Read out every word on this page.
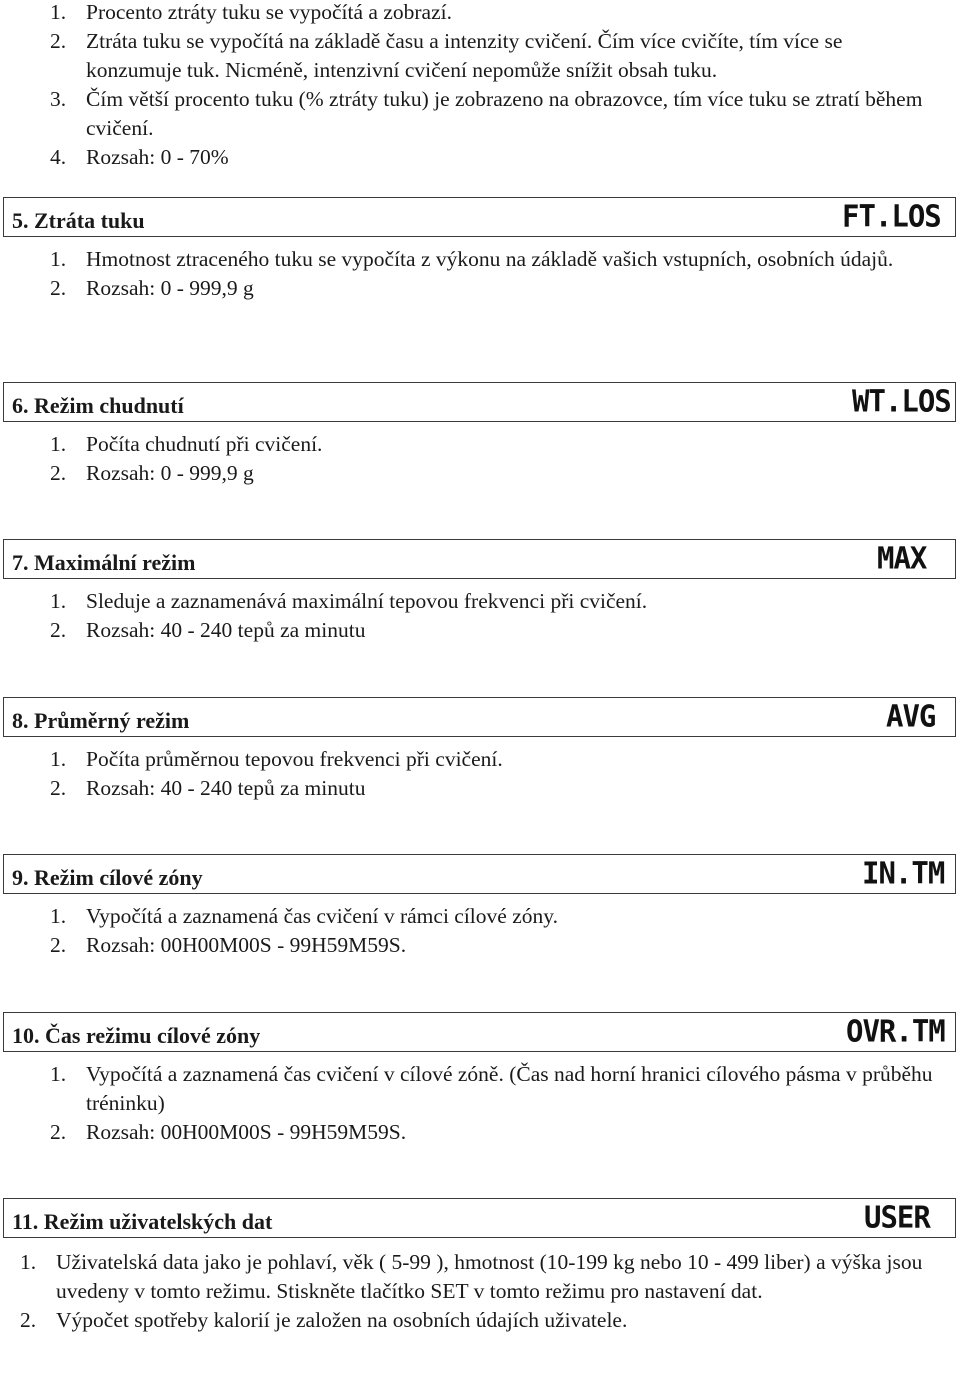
1. Procento ztráty tuku se vypočítá a zobrazí.
2. Ztráta tuku se vypočítá na základě času a intenzity cvičení. Čím více cvičíte, tím více se konzumuje tuk. Nicméně, intenzivní cvičení nepomůže snížit obsah tuku.
3. Čím větší procento tuku (% ztráty tuku) je zobrazeno na obrazovce, tím více tuku se ztratí během cvičení.
4. Rozsah: 0 - 70%
5. Ztráta tuku	FT.LOS
1. Hmotnost ztraceného tuku se vypočíta z výkonu na základě vašich vstupních, osobních údajů.
2. Rozsah: 0 - 999,9 g
6. Režim chudnutí	WT.LOS
1. Počíta chudnutí při cvičení.
2. Rozsah: 0 - 999,9 g
7. Maximální režim	MAX
1. Sleduje a zaznamenává maximální tepovou frekvenci při cvičení.
2. Rozsah: 40 - 240 tepů za minutu
8. Průměrný režim	AVG
1. Počíta průměrnou tepovou frekvenci při cvičení.
2. Rozsah: 40 - 240 tepů za minutu
9. Režim cílové zóny	IN.TM
1. Vypočítá a zaznamená čas cvičení v rámci cílové zóny.
2. Rozsah: 00H00M00S - 99H59M59S.
10. Čas režimu cílové zóny	OVR.TM
1. Vypočítá a zaznamená čas cvičení v cílové zóně. (Čas nad horní hranici cílového pásma v průběhu tréninku)
2. Rozsah: 00H00M00S - 99H59M59S.
11. Režim uživatelských dat	USER
1. Uživatelská data jako je pohlaví, věk ( 5-99 ), hmotnost (10-199 kg nebo 10 - 499 liber) a výška jsou uvedeny v tomto režimu. Stiskněte tlačítko SET v tomto režimu pro nastavení dat.
2. Výpočet spotřeby kalorií je založen na osobních údajích uživatele.
